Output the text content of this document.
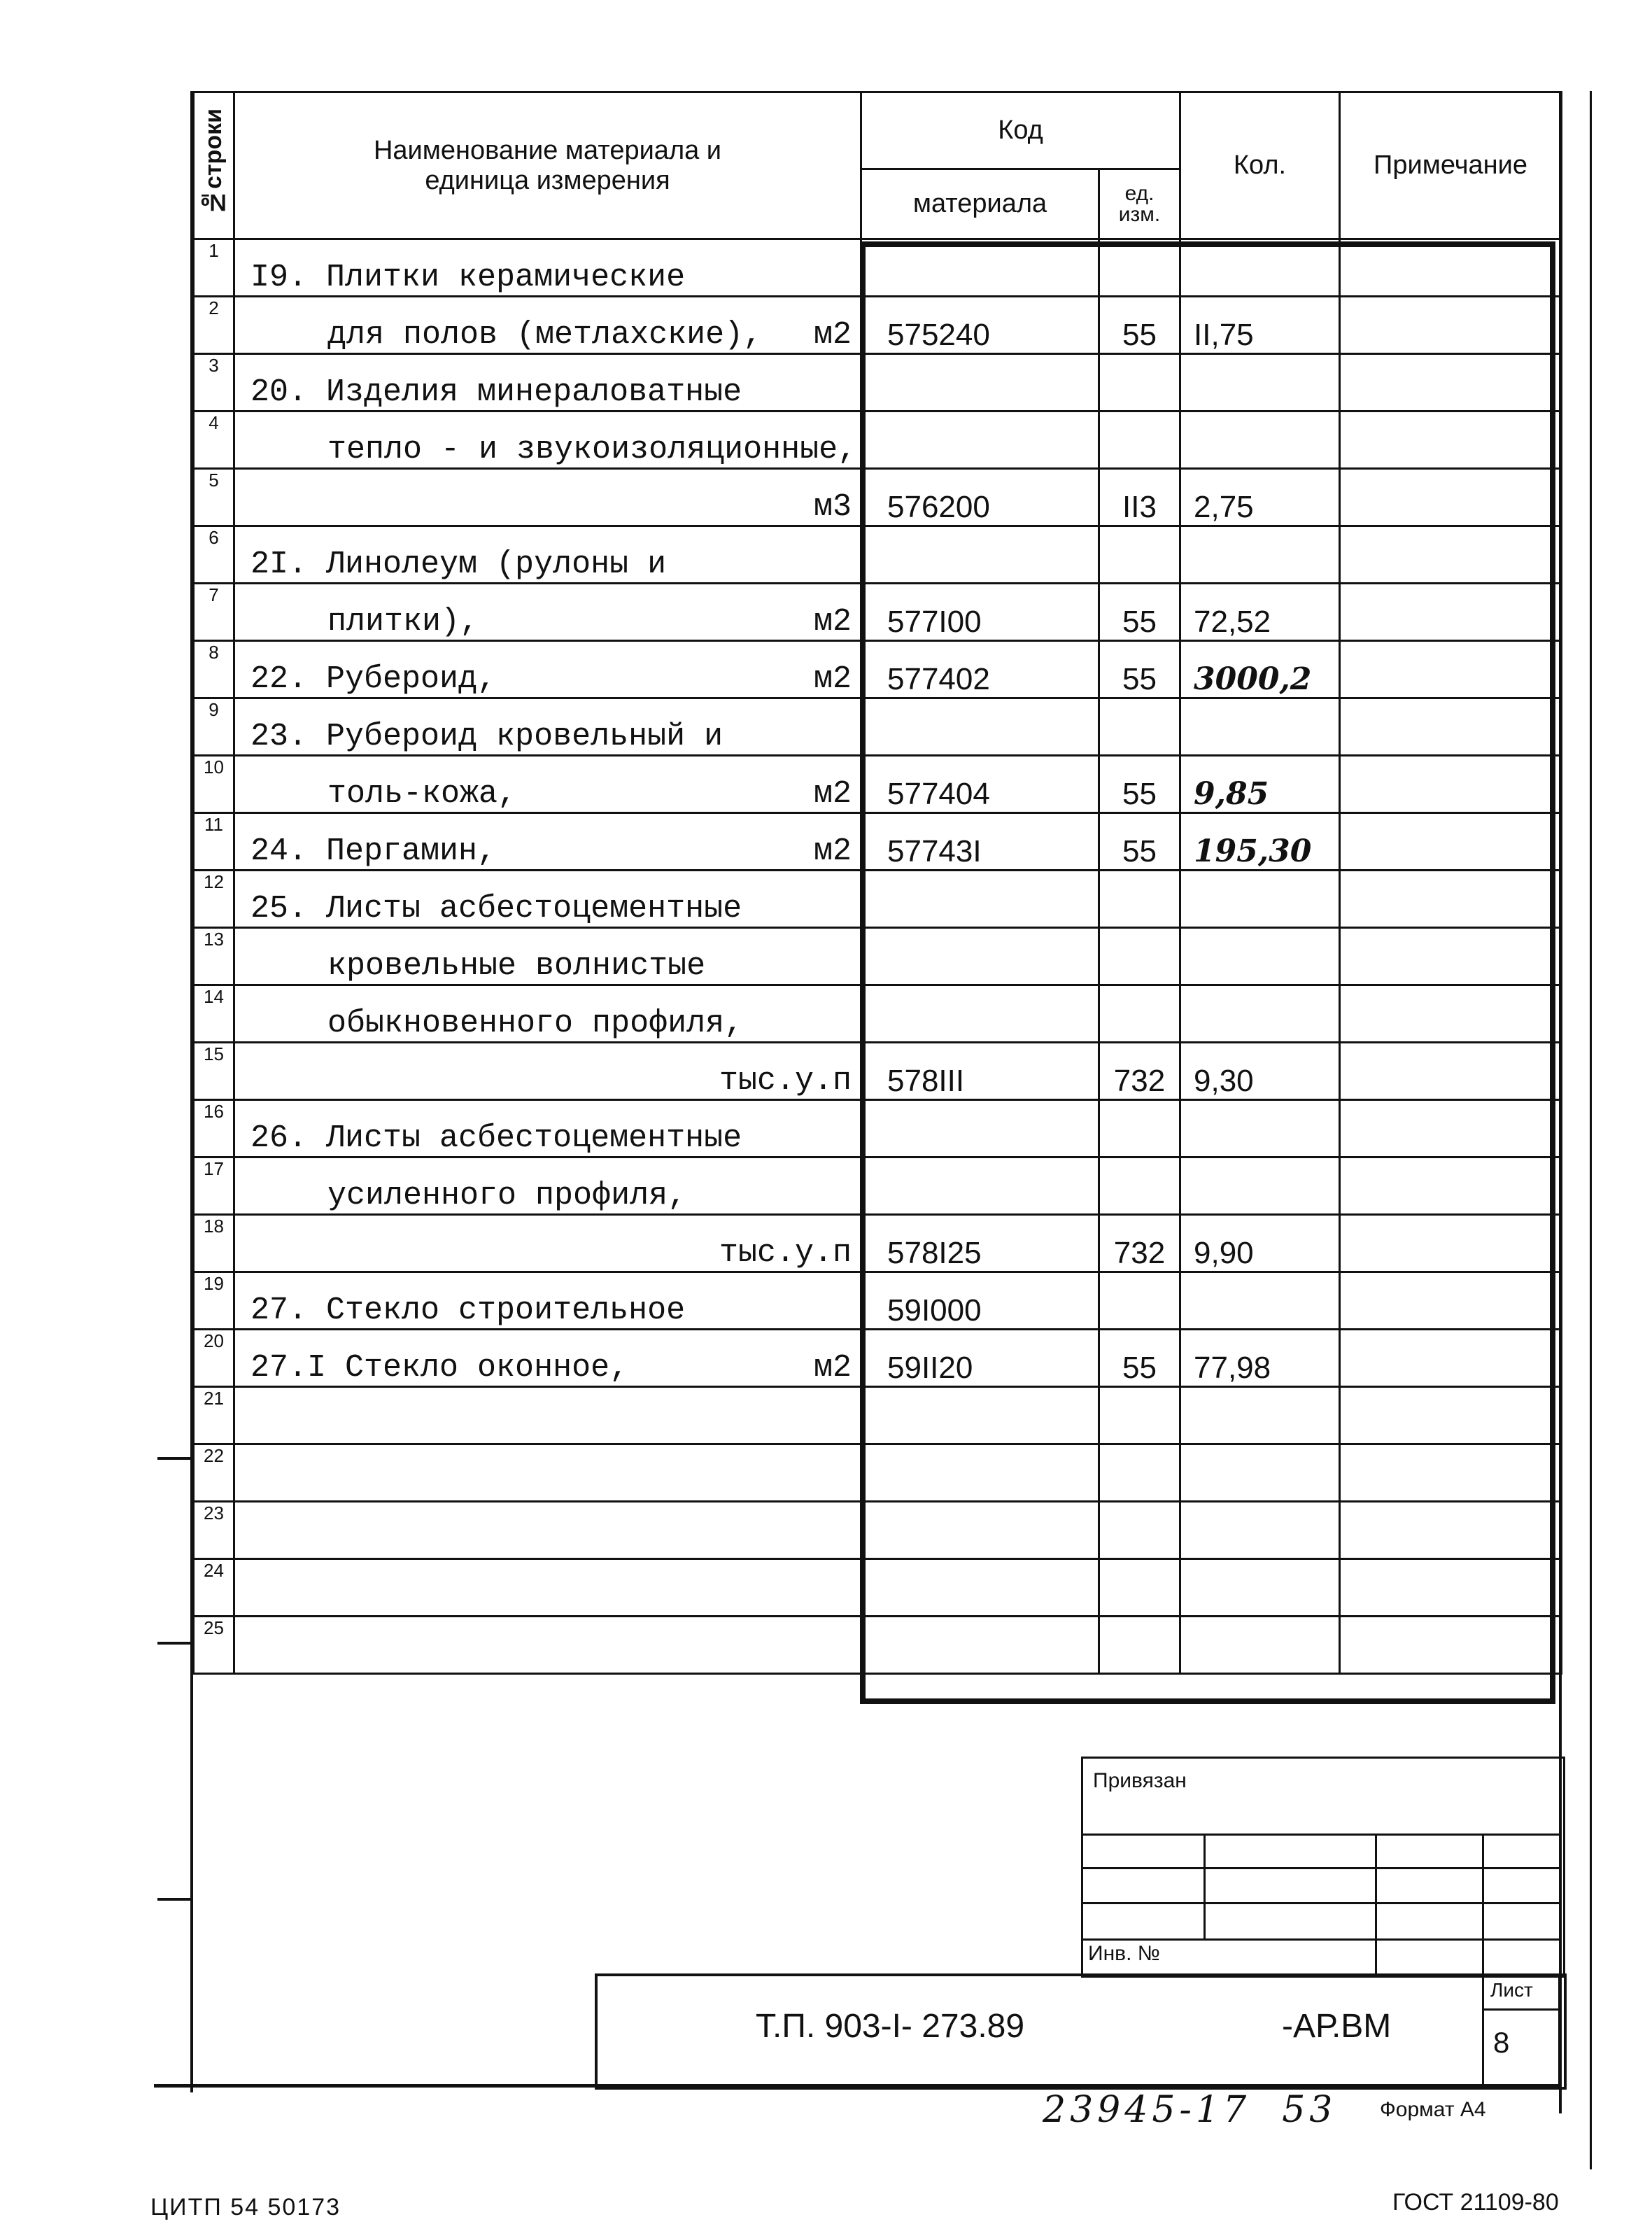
№строки	Наименование материала и
единица измерения	Код		Кол.	Примечание
		материала	ед.
изм.		

1	I9. Плитки керамические				

2	для полов (метлахские), м2	575240	55	II,75	
3	20. Изделия минераловатные				

4	тепло - и звукоизоляционные,				

5	м3	576200	II3	2,75	
6	2I. Линолеум (рулоны и				

7	плитки), м2	577I00	55	72,52	
8	22. Рубероид, м2	577402	55	3000,2	
9	23. Рубероид кровельный и				

10	толь-кожа, м2	577404	55	9,85	
11	24. Пергамин, м2	57743I	55	195,30	
12	25. Листы асбестоцементные				

13	кровельные волнистые				

14	обыкновенного профиля,				

15	тыс.у.п	578III	732	9,30	
16	26. Листы асбестоцементные				

17	усиленного профиля,				

18	тыс.у.п	578I25	732	9,90	
19	27. Стекло строительное	59I000			
20	27.I Стекло оконное, м2	59II20	55	77,98	
21	

22	

23	

24	

25	

Привязан
Инв. №
Т.П. 903-I- 273.89	-АР.ВМ
Лист
8
23945-17  53 Формат А4
ЦИТП 54 50173	ГОСТ 21109-80
